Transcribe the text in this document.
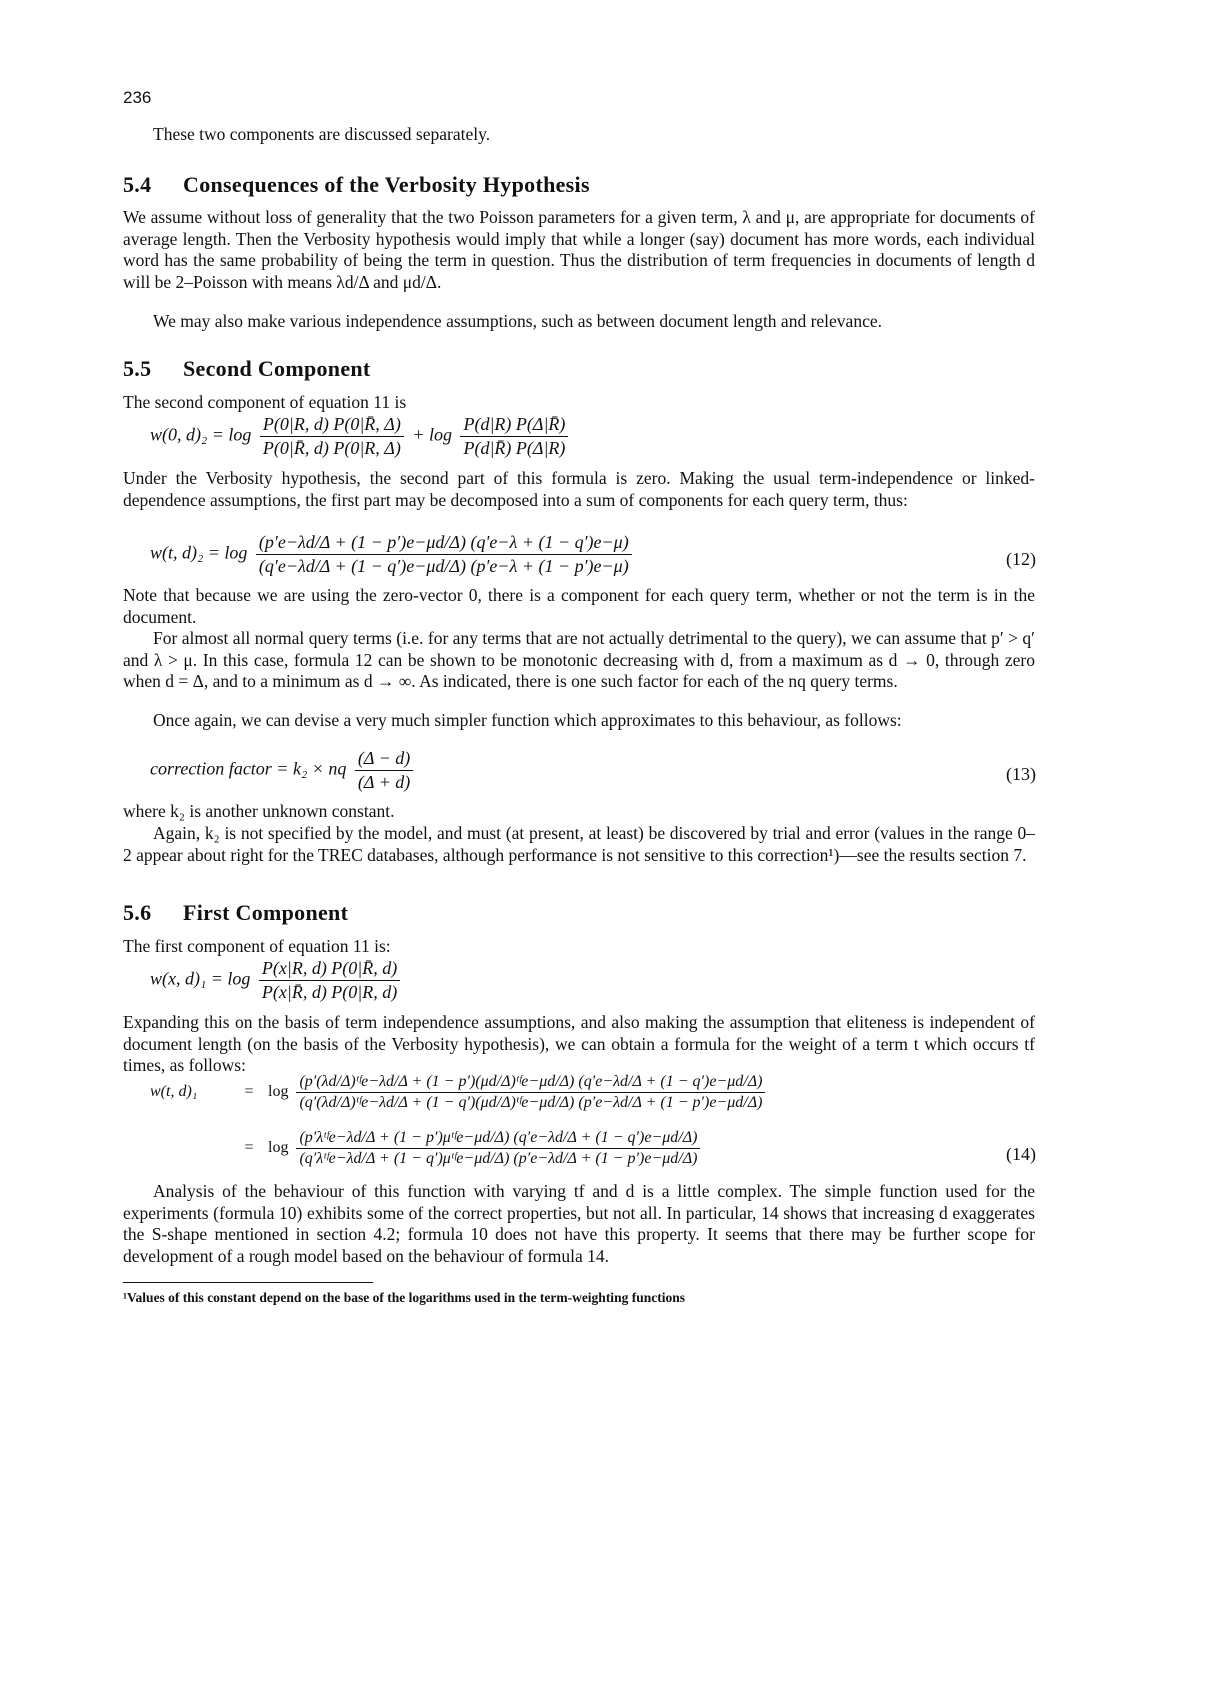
236
These two components are discussed separately.
5.4 Consequences of the Verbosity Hypothesis
We assume without loss of generality that the two Poisson parameters for a given term, λ and μ, are appropriate for documents of average length. Then the Verbosity hypothesis would imply that while a longer (say) document has more words, each individual word has the same probability of being the term in question. Thus the distribution of term frequencies in documents of length d will be 2–Poisson with means λd/Δ and μd/Δ.
We may also make various independence assumptions, such as between document length and relevance.
5.5 Second Component
The second component of equation 11 is
w(0, $d)_2 = \log \frac{P(0|R, d) P(0|R̄, \Delta)}{P(0|R̄, d) P(0|R, \Delta)} + \log \frac{P(d|R) P(\Delta|R̄)}{P(d|R̄) P(\Delta|R)}$
Under the Verbosity hypothesis, the second part of this formula is zero. Making the usual term-independence or linked-dependence assumptions, the first part may be decomposed into a sum of components for each query term, thus:
w(t, $d)_2 = \log \frac{(p'e-\lambda d/\Delta + (1 - p')e-\mu d/\Delta) (q'e-\lambda + (1 - q')e-\mu)}{(q'e-\lambda d/\Delta + (1 - q')e-\mu d/\Delta) (p'e-\lambda + (1 - p')e-\mu)}$	(12)
Note that because we are using the zero-vector 0, there is a component for each query term, whether or not the term is in the document.
For almost all normal query terms (i.e. for any terms that are not actually detrimental to the query), we can assume that p′ > q′ and λ > μ. In this case, formula 12 can be shown to be monotonic decreasing with d, from a maximum as d → 0, through zero when d = Δ, and to a minimum as d → ∞. As indicated, there is one such factor for each of the nq query terms.
Once again, we can devise a very much simpler function which approximates to this behaviour, as follows:
correction factor = k₂ × nq $\frac{(\Delta - d)}{(\Delta + d)}$	(13)
where k₂ is another unknown constant.
Again, k₂ is not specified by the model, and must (at present, at least) be discovered by trial and error (values in the range 0–2 appear about right for the TREC databases, although performance is not sensitive to this correction¹)—see the results section 7.
5.6 First Component
The first component of equation 11 is:
w(x, $d)_1 = \log \frac{P(x|R, d) P(0|R̄, d)}{P(x|R̄, d) P(0|R, d)}$
Expanding this on the basis of term independence assumptions, and also making the assumption that eliteness is independent of document length (on the basis of the Verbosity hypothesis), we can obtain a formula for the weight of a term t which occurs tf times, as follows:
w(t, d)₁	= log
(p′(λd/Δ)ᵗᶠe−λd/Δ + (1 − p′)(μd/Δ)ᵗᶠe−μd/Δ) (q′e−λd/Δ + (1 − q′)e−μd/Δ)
(q′(λd/Δ)ᵗᶠe−λd/Δ + (1 − q′)(μd/Δ)ᵗᶠe−μd/Δ) (p′e−λd/Δ + (1 − p′)e−μd/Δ)
= log
(p′λᵗᶠe−λd/Δ + (1 − p′)μᵗᶠe−μd/Δ) (q′e−λd/Δ + (1 − q′)e−μd/Δ)
(q′λᵗᶠe−λd/Δ + (1 − q′)μᵗᶠe−μd/Δ) (p′e−λd/Δ + (1 − p′)e−μd/Δ)	(14)
Analysis of the behaviour of this function with varying tf and d is a little complex. The simple function used for the experiments (formula 10) exhibits some of the correct properties, but not all. In particular, 14 shows that increasing d exaggerates the S-shape mentioned in section 4.2; formula 10 does not have this property. It seems that there may be further scope for development of a rough model based on the behaviour of formula 14.
¹Values of this constant depend on the base of the logarithms used in the term-weighting functions
